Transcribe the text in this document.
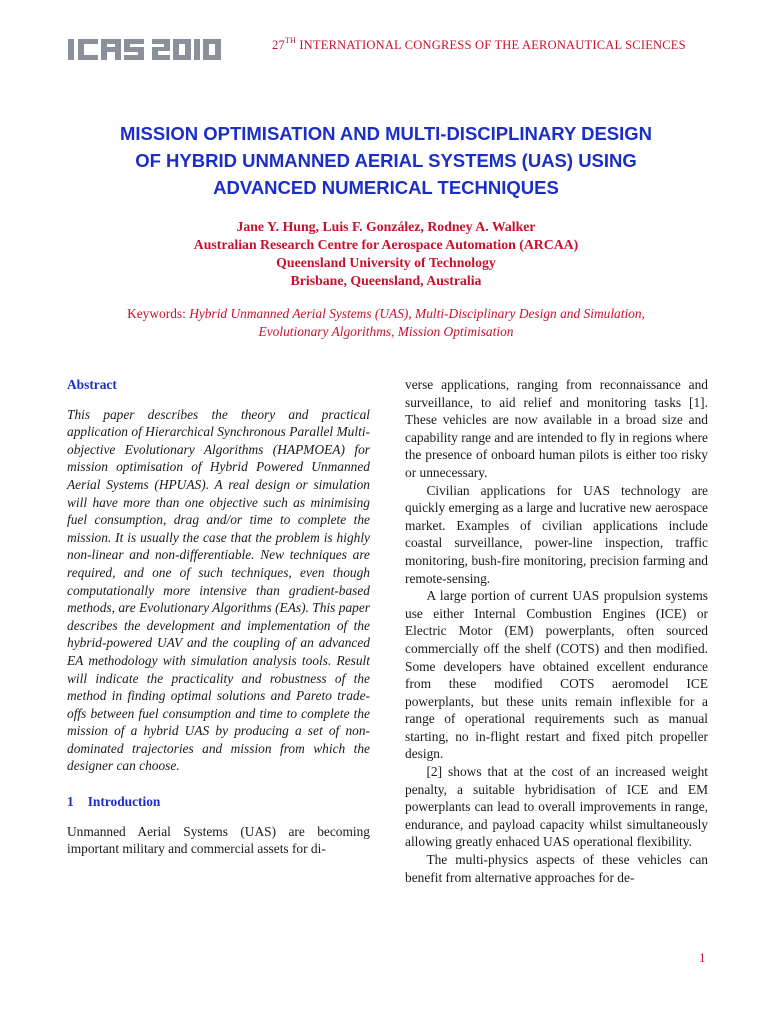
27TH INTERNATIONAL CONGRESS OF THE AERONAUTICAL SCIENCES
MISSION OPTIMISATION AND MULTI-DISCIPLINARY DESIGN
OF HYBRID UNMANNED AERIAL SYSTEMS (UAS) USING
ADVANCED NUMERICAL TECHNIQUES
Jane Y. Hung, Luis F. González, Rodney A. Walker
Australian Research Centre for Aerospace Automation (ARCAA)
Queensland University of Technology
Brisbane, Queensland, Australia
Keywords: Hybrid Unmanned Aerial Systems (UAS), Multi-Disciplinary Design and Simulation,
Evolutionary Algorithms, Mission Optimisation
Abstract

This paper describes the theory and practical application of Hierarchical Synchronous Parallel Multi-objective Evolutionary Algorithms (HAPMOEA) for mission optimisation of Hybrid Powered Unmanned Aerial Systems (HPUAS). A real design or simulation will have more than one objective such as minimising fuel consumption, drag and/or time to complete the mission. It is usually the case that the problem is highly non-linear and non-differentiable. New techniques are required, and one of such techniques, even though computationally more intensive than gradient-based methods, are Evolutionary Algorithms (EAs). This paper describes the development and implementation of the hybrid-powered UAV and the coupling of an advanced EA methodology with simulation analysis tools. Result will indicate the practicality and robustness of the method in finding optimal solutions and Pareto trade-offs between fuel consumption and time to complete the mission of a hybrid UAS by producing a set of non-dominated trajectories and mission from which the designer can choose.

1 Introduction

Unmanned Aerial Systems (UAS) are becoming important military and commercial assets for di-

verse applications, ranging from reconnaissance and surveillance, to aid relief and monitoring tasks [1]. These vehicles are now available in a broad size and capability range and are intended to fly in regions where the presence of onboard human pilots is either too risky or unnecessary.

Civilian applications for UAS technology are quickly emerging as a large and lucrative new aerospace market. Examples of civilian applications include coastal surveillance, power-line inspection, traffic monitoring, bush-fire monitoring, precision farming and remote-sensing.

A large portion of current UAS propulsion systems use either Internal Combustion Engines (ICE) or Electric Motor (EM) powerplants, often sourced commercially off the shelf (COTS) and then modified. Some developers have obtained excellent endurance from these modified COTS aeromodel ICE powerplants, but these units remain inflexible for a range of operational requirements such as manual starting, no in-flight restart and fixed pitch propeller design.

[2] shows that at the cost of an increased weight penalty, a suitable hybridisation of ICE and EM powerplants can lead to overall improvements in range, endurance, and payload capacity whilst simultaneously allowing greatly enhaced UAS operational flexibility.

The multi-physics aspects of these vehicles can benefit from alternative approaches for de-

1
